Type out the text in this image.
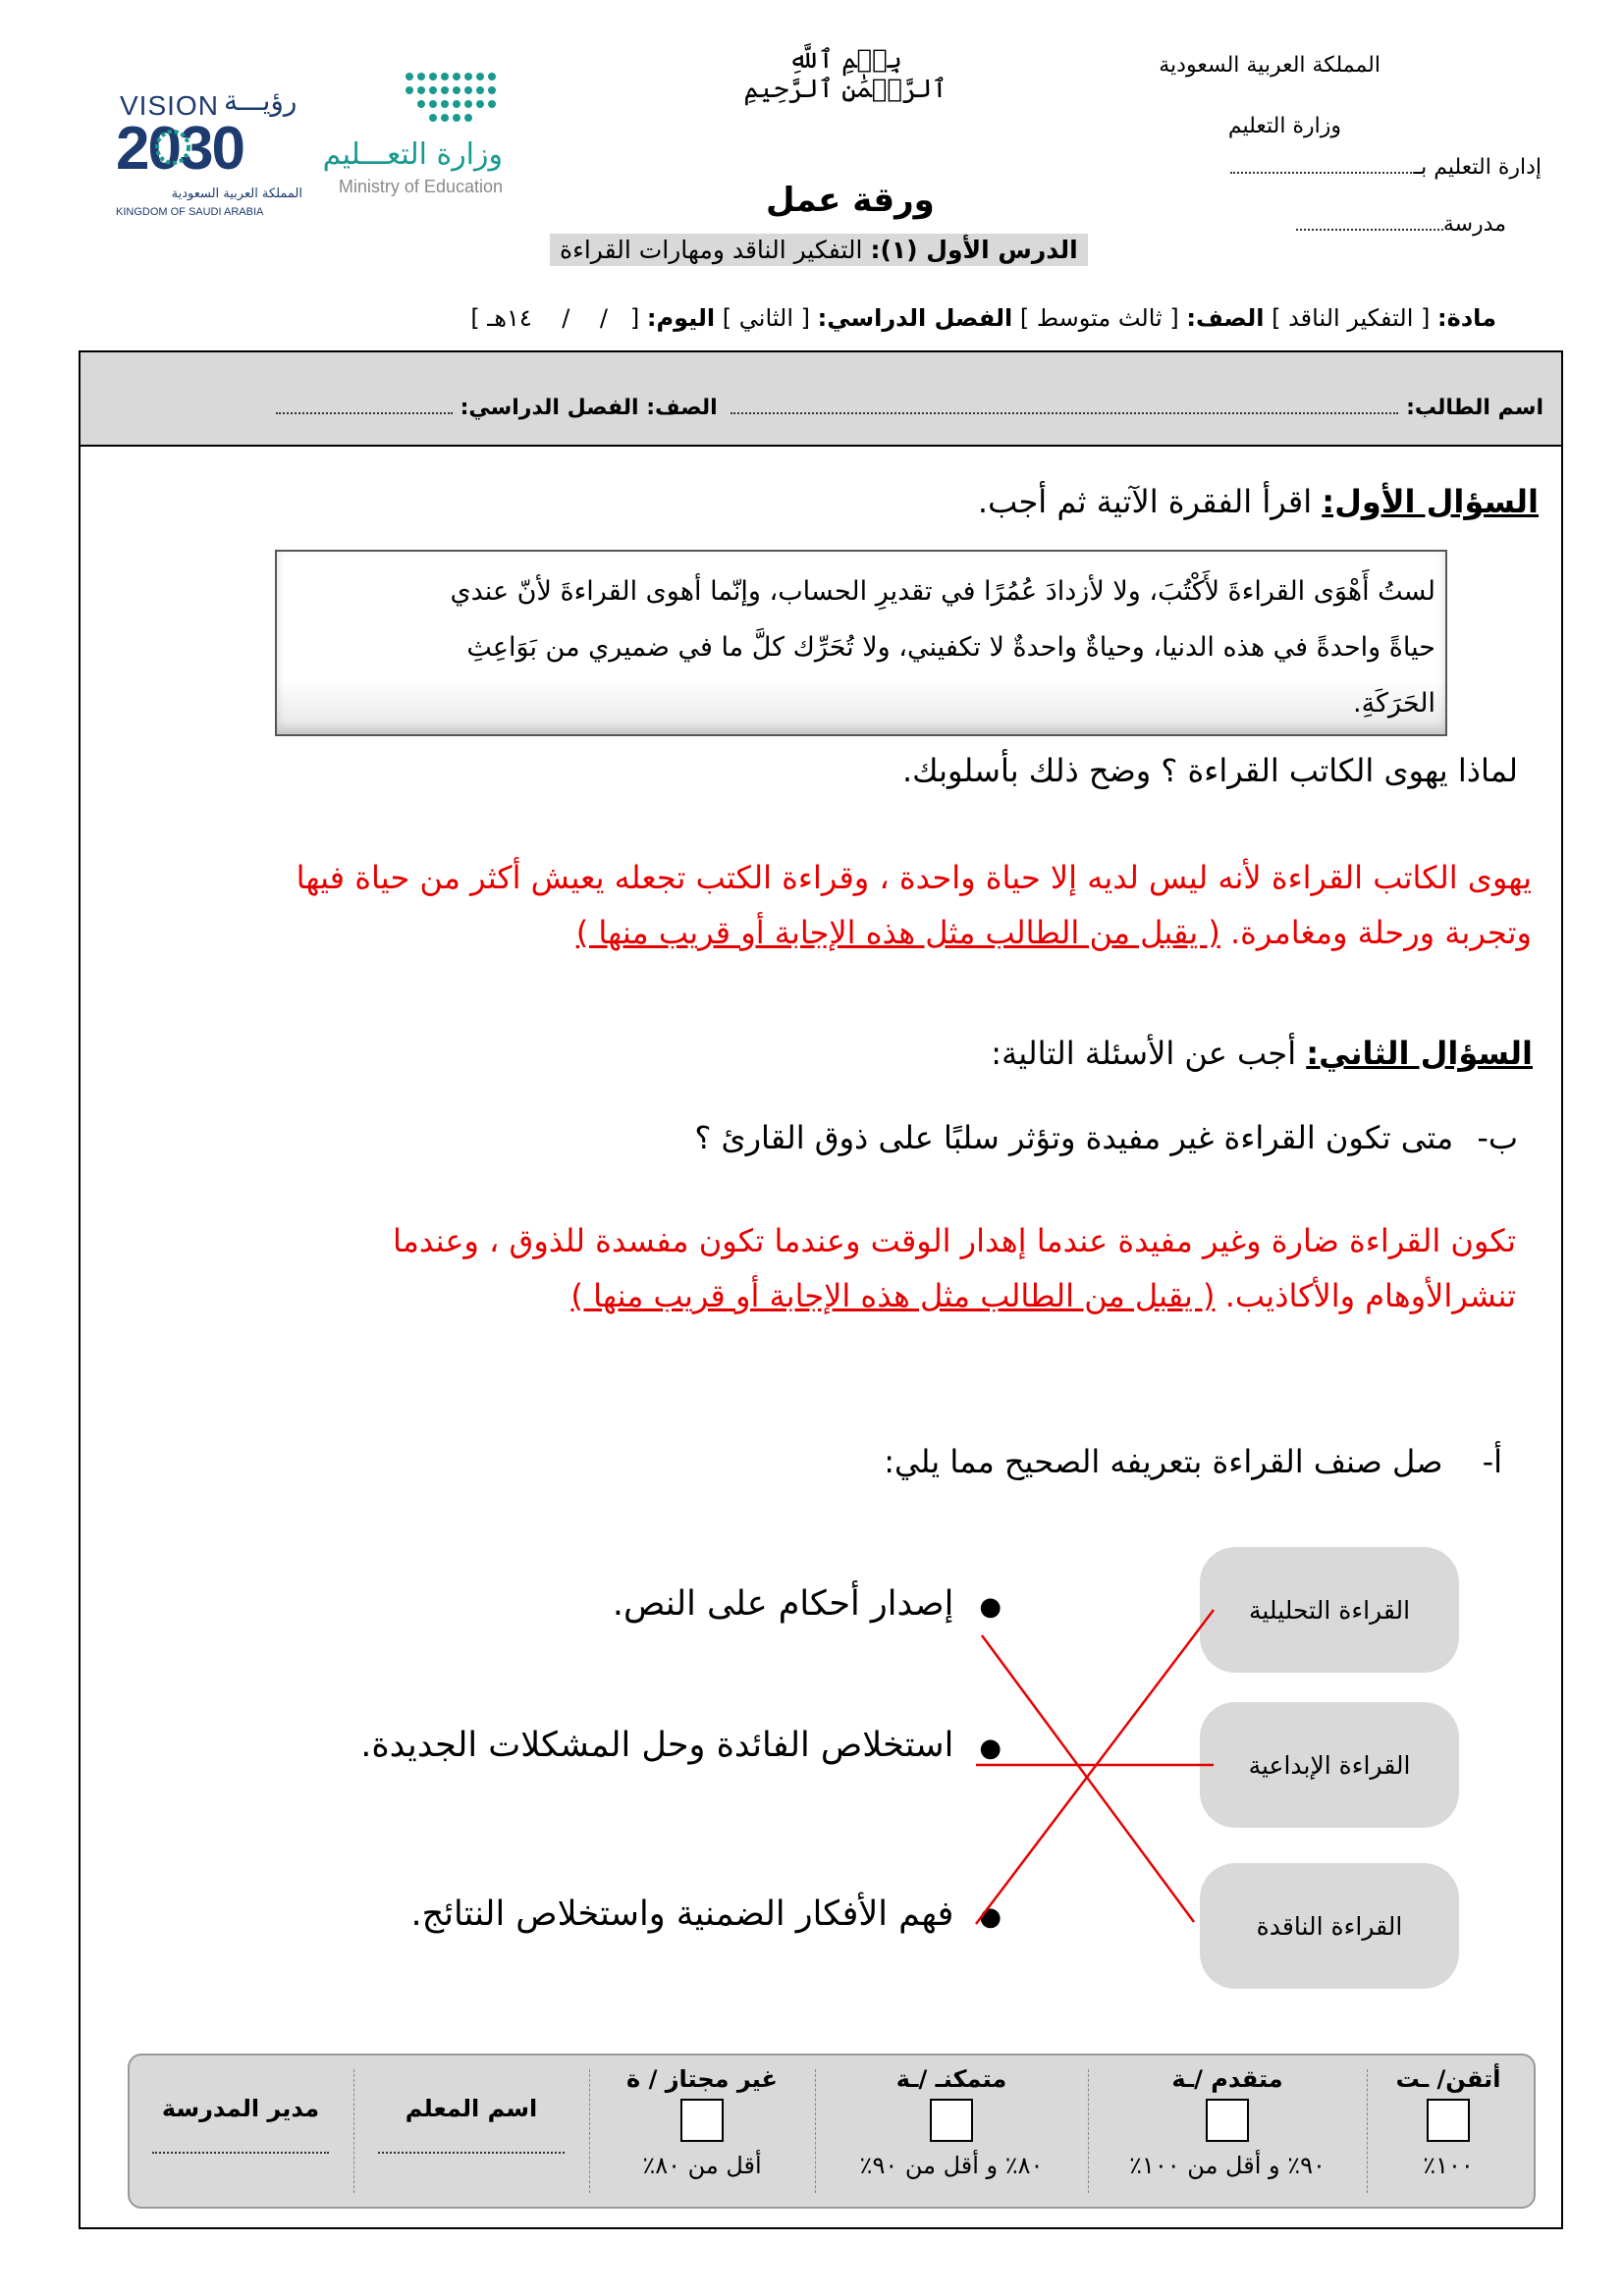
المملكة العربية السعودية
وزارة التعليم
إدارة التعليم بـ
مدرسة
بِسۡمِ ٱللَّهِ ٱلرَّحۡمَٰنِ ٱلرَّحِيمِ
ورقة عمل
الدرس الأول (١): التفكير الناقد ومهارات القراءة
VISION رؤيـــة
2030
المملكة العربية السعودية
KINGDOM OF SAUDI ARABIA
وزارة التعـــليم
Ministry of Education
مادة: [ التفكير الناقد ] الصف: [ ثالث متوسط ] الفصل الدراسي: [ الثاني ] اليوم: [   /    /    ١٤هـ ]
اسم الطالب:  الصف: الفصل الدراسي:
السؤال الأول: اقرأ الفقرة الآتية ثم أجب.
لستُ أَهْوَى القراءةَ لأَكْتُبَ، ولا لأزدادَ عُمُرًا في تقديرِ الحساب، وإنّما أهوى القراءةَ لأنّ عندي
حياةً واحدةً في هذه الدنيا، وحياةٌ واحدةٌ لا تكفيني، ولا تُحَرِّك كلَّ ما في ضميري من بَوَاعِثِ
الحَرَكَةِ.
لماذا يهوى الكاتب القراءة ؟ وضح ذلك بأسلوبك.
يهوى الكاتب القراءة لأنه ليس لديه إلا حياة واحدة ، وقراءة الكتب تجعله يعيش أكثر من حياة فيها
وتجربة ورحلة ومغامرة. ( يقبل من الطالب مثل هذه الإجابة أو قريب منها )
السؤال الثاني: أجب عن الأسئلة التالية:
ب- متى تكون القراءة غير مفيدة وتؤثر سلبًا على ذوق القارئ ؟
تكون القراءة ضارة وغير مفيدة عندما إهدار الوقت وعندما تكون مفسدة للذوق ، وعندما
تنشرالأوهام والأكاذيب. ( يقبل من الطالب مثل هذه الإجابة أو قريب منها )
أ- صل صنف القراءة بتعريفه الصحيح مما يلي:
القراءة التحليلية
القراءة الإبداعية
القراءة الناقدة
●إصدار أحكام على النص.
●استخلاص الفائدة وحل المشكلات الجديدة.
●فهم الأفكار الضمنية واستخلاص النتائج.
أتقن/ ـت
١٠٠٪
متقدم /ـة
٩٠٪ و أقل من ١٠٠٪
متمكنـ /ـة
٨٠٪ و أقل من ٩٠٪
غير مجتاز / ة
أقل من ٨٠٪
اسم المعلم
مدير المدرسة
